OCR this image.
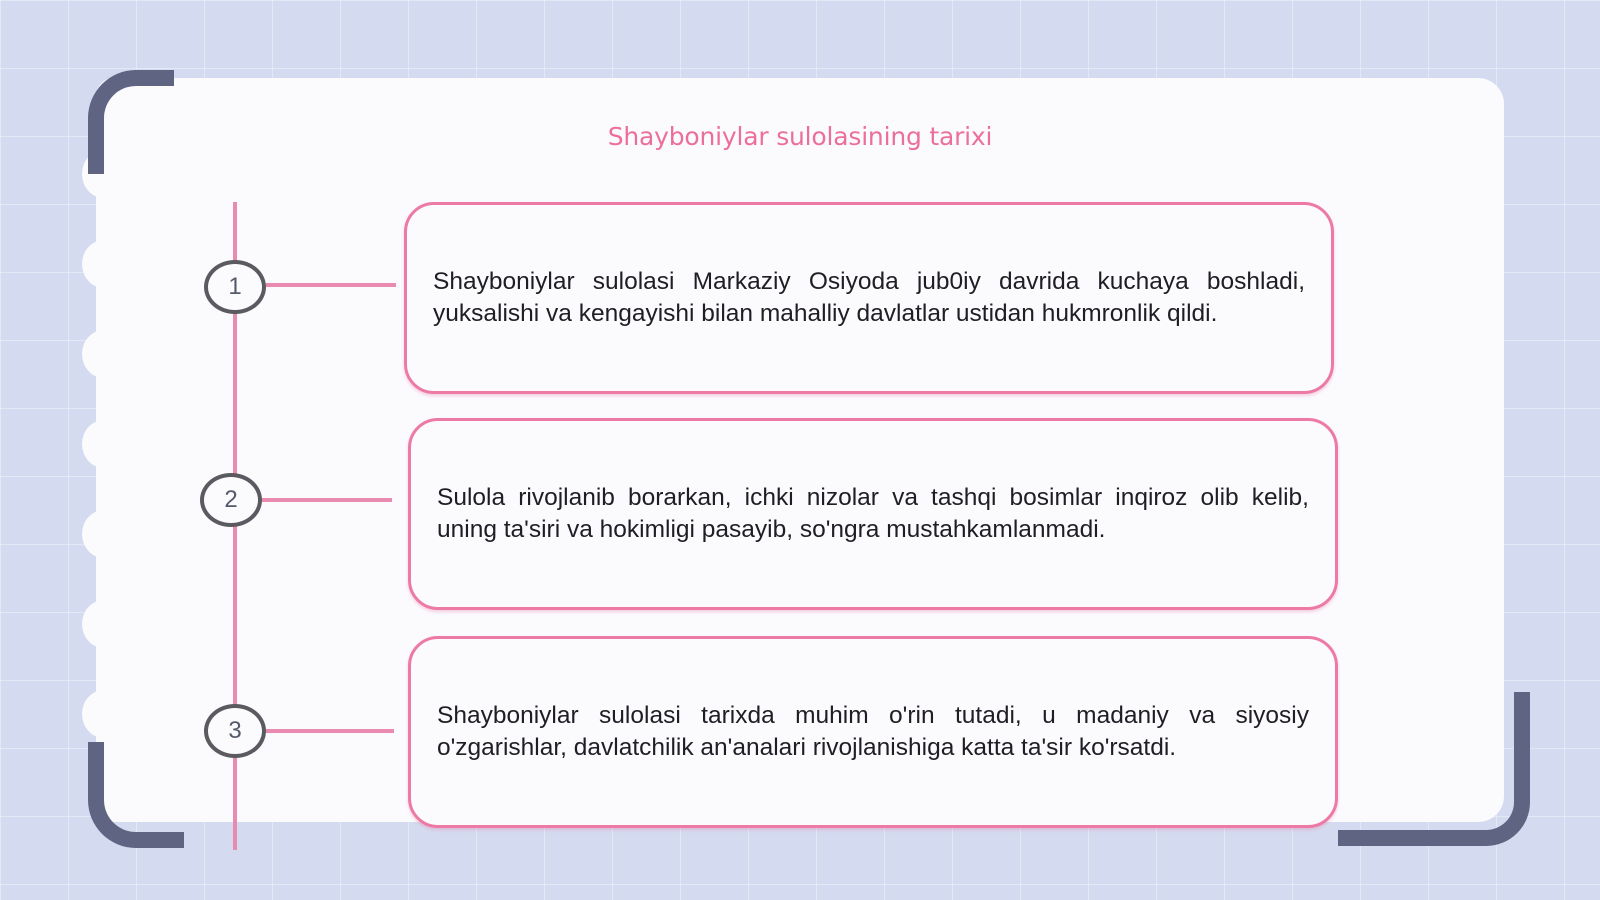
Shayboniylar sulolasining tarixi
1
2
3

Shayboniylar sulolasi Markaziy Osiyoda jub0iy davrida kuchaya boshladi, yuksalishi va kengayishi bilan mahalliy davlatlar ustidan hukmronlik qildi.

Sulola rivojlanib borarkan, ichki nizolar va tashqi bosimlar inqiroz olib kelib, uning ta'siri va hokimligi pasayib, so'ngra mustahkamlanmadi.

Shayboniylar sulolasi tarixda muhim o'rin tutadi, u madaniy va siyosiy o'zgarishlar, davlatchilik an'analari rivojlanishiga katta ta'sir ko'rsatdi.
